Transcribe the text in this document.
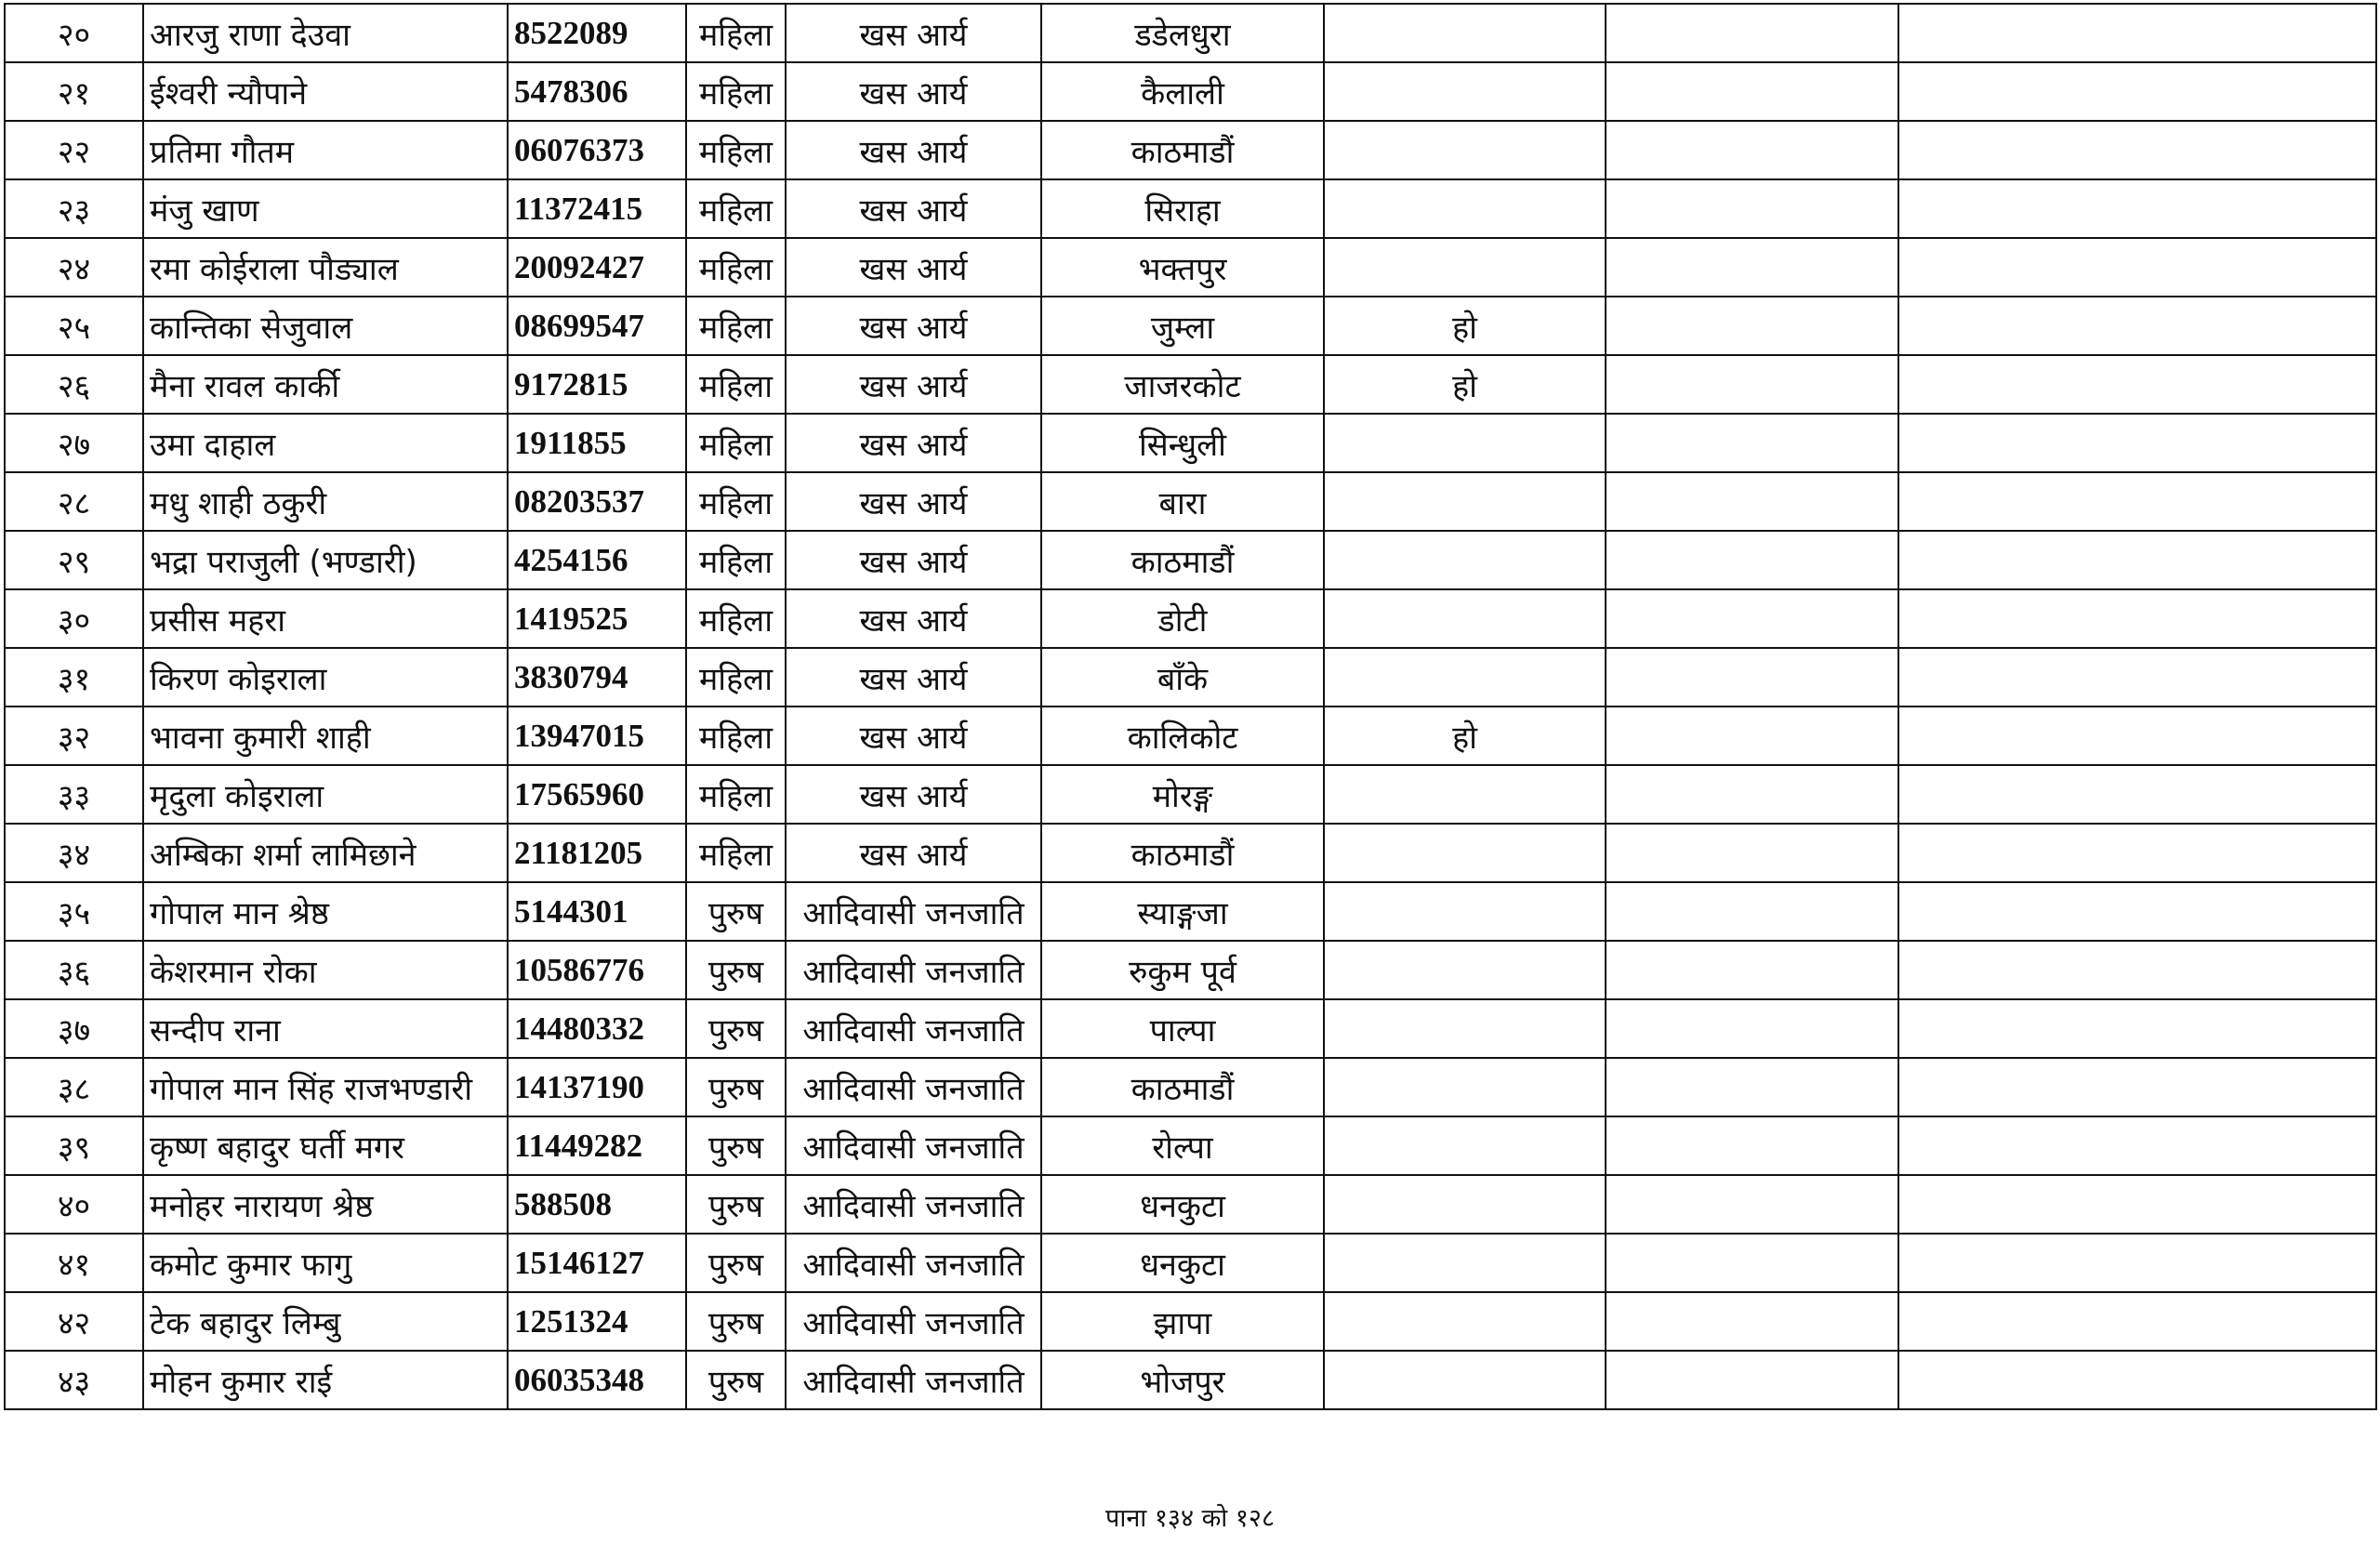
२०	आरजु राणा देउवा	8522089	महिला	खस आर्य	डडेलधुरा			
२१	ईश्वरी न्यौपाने	5478306	महिला	खस आर्य	कैलाली			
२२	प्रतिमा गौतम	06076373	महिला	खस आर्य	काठमाडौं			
२३	मंजु खाण	11372415	महिला	खस आर्य	सिराहा			
२४	रमा कोईराला पौड्याल	20092427	महिला	खस आर्य	भक्तपुर			
२५	कान्तिका सेजुवाल	08699547	महिला	खस आर्य	जुम्ला	हो		
२६	मैना रावल कार्की	9172815	महिला	खस आर्य	जाजरकोट	हो		
२७	उमा दाहाल	1911855	महिला	खस आर्य	सिन्धुली			
२८	मधु शाही ठकुरी	08203537	महिला	खस आर्य	बारा			
२९	भद्रा पराजुली (भण्डारी)	4254156	महिला	खस आर्य	काठमाडौं			
३०	प्रसीस महरा	1419525	महिला	खस आर्य	डोटी			
३१	किरण कोइराला	3830794	महिला	खस आर्य	बाँके			
३२	भावना कुमारी शाही	13947015	महिला	खस आर्य	कालिकोट	हो		
३३	मृदुला कोइराला	17565960	महिला	खस आर्य	मोरङ्ग			
३४	अम्बिका शर्मा लामिछाने	21181205	महिला	खस आर्य	काठमाडौं			
३५	गोपाल मान श्रेष्ठ	5144301	पुरुष	आदिवासी जनजाति	स्याङ्गजा			
३६	केशरमान रोका	10586776	पुरुष	आदिवासी जनजाति	रुकुम पूर्व			
३७	सन्दीप राना	14480332	पुरुष	आदिवासी जनजाति	पाल्पा			
३८	गोपाल मान सिंह राजभण्डारी	14137190	पुरुष	आदिवासी जनजाति	काठमाडौं			
३९	कृष्ण बहादुर घर्ती मगर	11449282	पुरुष	आदिवासी जनजाति	रोल्पा			
४०	मनोहर नारायण श्रेष्ठ	588508	पुरुष	आदिवासी जनजाति	धनकुटा			
४१	कमोट कुमार फागु	15146127	पुरुष	आदिवासी जनजाति	धनकुटा			
४२	टेक बहादुर लिम्बु	1251324	पुरुष	आदिवासी जनजाति	झापा			
४३	मोहन कुमार राई	06035348	पुरुष	आदिवासी जनजाति	भोजपुर			
पाना १३४ को १२८
